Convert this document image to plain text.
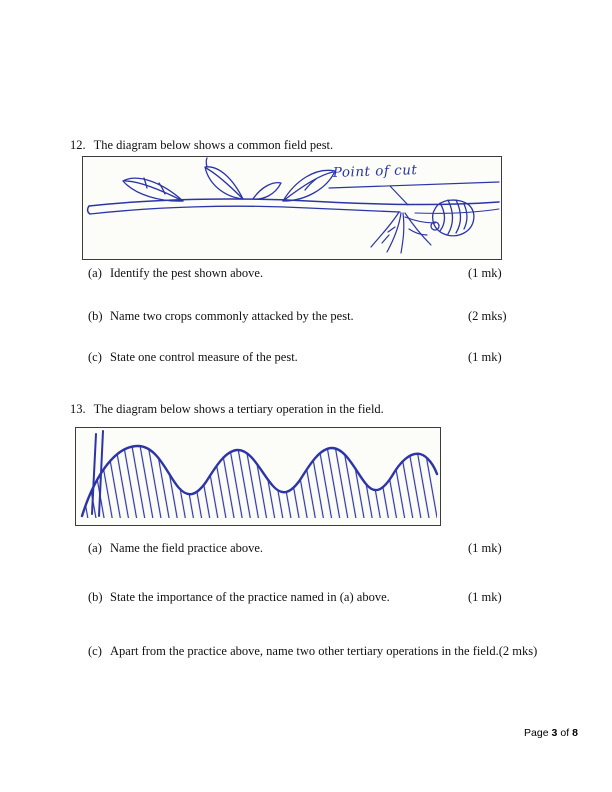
12. The diagram below shows a common field pest.
Point of cut
(a) Identify the pest shown above.	(1 mk)
(b) Name two crops commonly attacked by the pest.	(2 mks)
(c) State one control measure of the pest.	(1 mk)
13. The diagram below shows a tertiary operation in the field.
(a) Name the field practice above.	(1 mk)
(b) State the importance of the practice named in (a) above.	(1 mk)
(c) Apart from the practice above, name two other tertiary operations in the field.(2 mks)
Page 3 of 8
